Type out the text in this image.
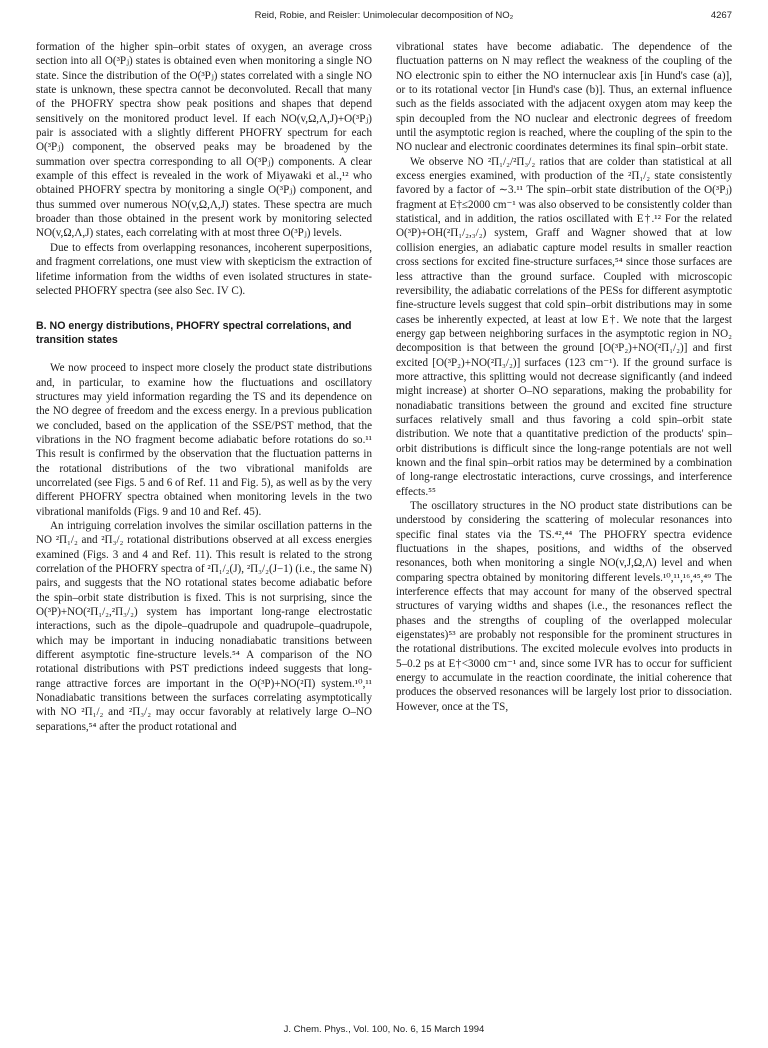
Reid, Robie, and Reisler: Unimolecular decomposition of NO₂	4267

formation of the higher spin–orbit states of oxygen, an average cross section into all O(³Pⱼ) states is obtained even when monitoring a single NO state. Since the distribution of the O(³Pⱼ) states correlated with a single NO state is unknown, these spectra cannot be deconvoluted. Recall that many of the PHOFRY spectra show peak positions and shapes that depend sensitively on the monitored product level. If each NO(v,Ω,Λ,J)+O(³Pⱼ) pair is associated with a slightly different PHOFRY spectrum for each O(³Pⱼ) component, the observed peaks may be broadened by the summation over spectra corresponding to all O(³Pⱼ) components. A clear example of this effect is revealed in the work of Miyawaki et al.,¹² who obtained PHOFRY spectra by monitoring a single O(³Pⱼ) component, and thus summed over numerous NO(v,Ω,Λ,J) states. These spectra are much broader than those obtained in the present work by monitoring selected NO(v,Ω,Λ,J) states, each correlating with at most three O(³Pⱼ) levels.

Due to effects from overlapping resonances, incoherent superpositions, and fragment correlations, one must view with skepticism the extraction of lifetime information from the widths of even isolated structures in state-selected PHOFRY spectra (see also Sec. IV C).

B. NO energy distributions, PHOFRY spectral correlations, and transition states

We now proceed to inspect more closely the product state distributions and, in particular, to examine how the fluctuations and oscillatory structures may yield information regarding the TS and its dependence on the NO degree of freedom and the excess energy. In a previous publication we concluded, based on the application of the SSE/PST method, that the vibrations in the NO fragment become adiabatic before rotations do so.¹¹ This result is confirmed by the observation that the fluctuation patterns in the rotational distributions of the two vibrational manifolds are uncorrelated (see Figs. 5 and 6 of Ref. 11 and Fig. 5), as well as by the very different PHOFRY spectra obtained when monitoring levels in the two vibrational manifolds (Figs. 9 and 10 and Ref. 45).

An intriguing correlation involves the similar oscillation patterns in the NO ²Π₁/₂ and ²Π₃/₂ rotational distributions observed at all excess energies examined (Figs. 3 and 4 and Ref. 11). This result is related to the strong correlation of the PHOFRY spectra of ²Π₁/₂(J), ²Π₃/₂(J−1) (i.e., the same N) pairs, and suggests that the NO rotational states become adiabatic before the spin–orbit state distribution is fixed. This is not surprising, since the O(³P)+NO(²Π₁/₂,²Π₃/₂) system has important long-range electrostatic interactions, such as the dipole–quadrupole and quadrupole–quadrupole, which may be important in inducing nonadiabatic transitions between different asymptotic fine-structure levels.⁵⁴ A comparison of the NO rotational distributions with PST predictions indeed suggests that long-range attractive forces are important in the O(³P)+NO(²Π) system.¹⁰,¹¹ Nonadiabatic transitions between the surfaces correlating asymptotically with NO ²Π₁/₂ and ²Π₃/₂ may occur favorably at relatively large O–NO separations,⁵⁴ after the product rotational and

vibrational states have become adiabatic. The dependence of the fluctuation patterns on N may reflect the weakness of the coupling of the NO electronic spin to either the NO internuclear axis [in Hund's case (a)], or to its rotational vector [in Hund's case (b)]. Thus, an external influence such as the fields associated with the adjacent oxygen atom may keep the spin decoupled from the NO nuclear and electronic degrees of freedom until the asymptotic region is reached, where the coupling of the spin to the NO nuclear and electronic coordinates determines its final spin–orbit state.

We observe NO ²Π₁/₂/²Π₃/₂ ratios that are colder than statistical at all excess energies examined, with production of the ²Π₁/₂ state consistently favored by a factor of ∼3.¹¹ The spin–orbit state distribution of the O(³Pⱼ) fragment at E†≤2000 cm⁻¹ was also observed to be consistently colder than statistical, and in addition, the ratios oscillated with E†.¹² For the related O(³P)+OH(²Π₁/₂,₃/₂) system, Graff and Wagner showed that at low collision energies, an adiabatic capture model results in smaller reaction cross sections for excited fine-structure surfaces,⁵⁴ since those surfaces are less attractive than the ground surface. Coupled with microscopic reversibility, the adiabatic correlations of the PESs for different asymptotic fine-structure levels suggest that cold spin–orbit distributions may in some cases be inherently expected, at least at low E†. We note that the largest energy gap between neighboring surfaces in the asymptotic region in NO₂ decomposition is that between the ground [O(³P₂)+NO(²Π₁/₂)] and first excited [O(³P₂)+NO(²Π₃/₂)] surfaces (123 cm⁻¹). If the ground surface is more attractive, this splitting would not decrease significantly (and indeed might increase) at shorter O–NO separations, making the probability for nonadiabatic transitions between the ground and excited fine structure surfaces relatively small and thus favoring a cold spin–orbit state distribution. We note that a quantitative prediction of the products' spin–orbit distributions is difficult since the long-range potentials are not well known and the final spin–orbit ratios may be determined by a combination of long-range electrostatic interactions, curve crossings, and interference effects.⁵⁵

The oscillatory structures in the NO product state distributions can be understood by considering the scattering of molecular resonances into specific final states via the TS.⁴²,⁴⁴ The PHOFRY spectra evidence fluctuations in the shapes, positions, and widths of the observed resonances, both when monitoring a single NO(v,J,Ω,Λ) level and when comparing spectra obtained by monitoring different levels.¹⁰,¹¹,¹⁶,⁴⁵,⁴⁹ The interference effects that may account for many of the observed spectral structures of varying widths and shapes (i.e., the resonances reflect the phases and the strengths of coupling of the overlapped molecular eigenstates)⁵³ are probably not responsible for the prominent structures in the rotational distributions. The excited molecule evolves into products in 5–0.2 ps at E†<3000 cm⁻¹ and, since some IVR has to occur for sufficient energy to accumulate in the reaction coordinate, the initial coherence that produces the observed resonances will be largely lost prior to dissociation. However, once at the TS,

J. Chem. Phys., Vol. 100, No. 6, 15 March 1994
